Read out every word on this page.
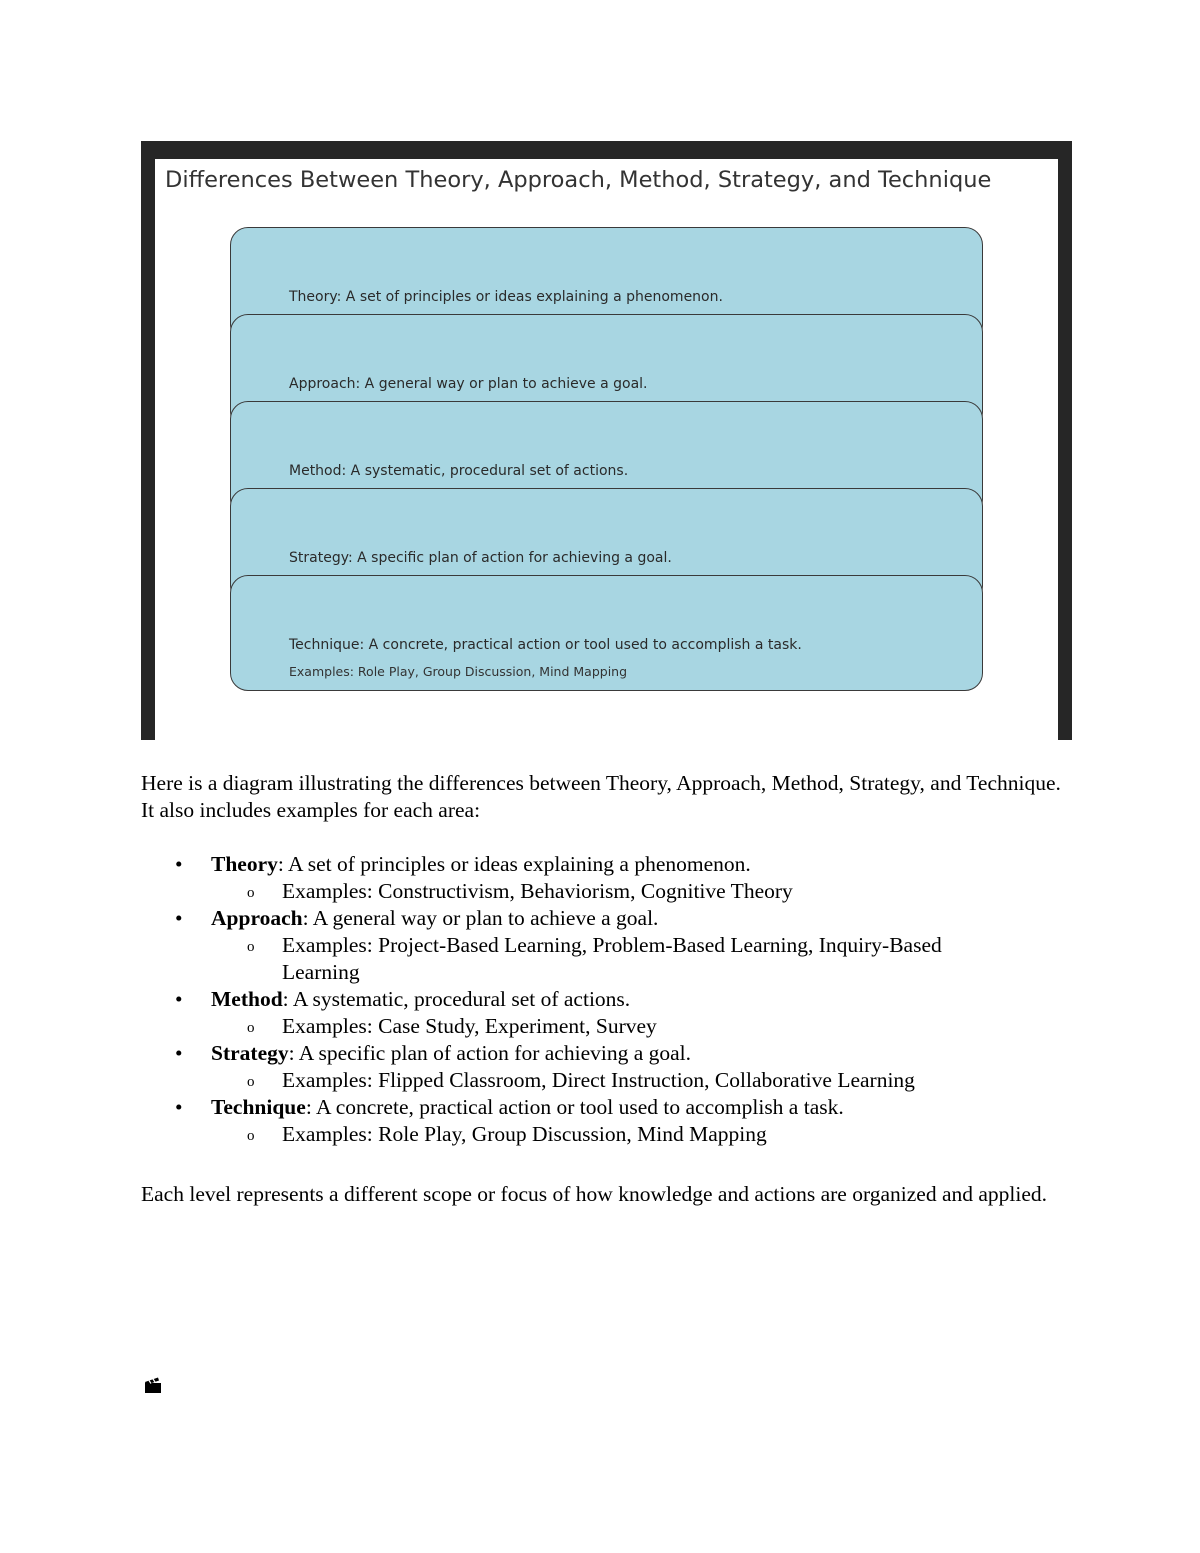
Differences Between Theory, Approach, Method, Strategy, and Technique
Theory: A set of principles or ideas explaining a phenomenon.
Approach: A general way or plan to achieve a goal.
Method: A systematic, procedural set of actions.
Strategy: A specific plan of action for achieving a goal.
Technique: A concrete, practical action or tool used to accomplish a task.
Examples: Role Play, Group Discussion, Mind Mapping
Here is a diagram illustrating the differences between Theory, Approach, Method, Strategy, and Technique. It also includes examples for each area:
• Theory: A set of principles or ideas explaining a phenomenon.
o Examples: Constructivism, Behaviorism, Cognitive Theory
• Approach: A general way or plan to achieve a goal.
o Examples: Project-Based Learning, Problem-Based Learning, Inquiry-Based Learning
• Method: A systematic, procedural set of actions.
o Examples: Case Study, Experiment, Survey
• Strategy: A specific plan of action for achieving a goal.
o Examples: Flipped Classroom, Direct Instruction, Collaborative Learning
• Technique: A concrete, practical action or tool used to accomplish a task.
o Examples: Role Play, Group Discussion, Mind Mapping
Each level represents a different scope or focus of how knowledge and actions are organized and applied.
